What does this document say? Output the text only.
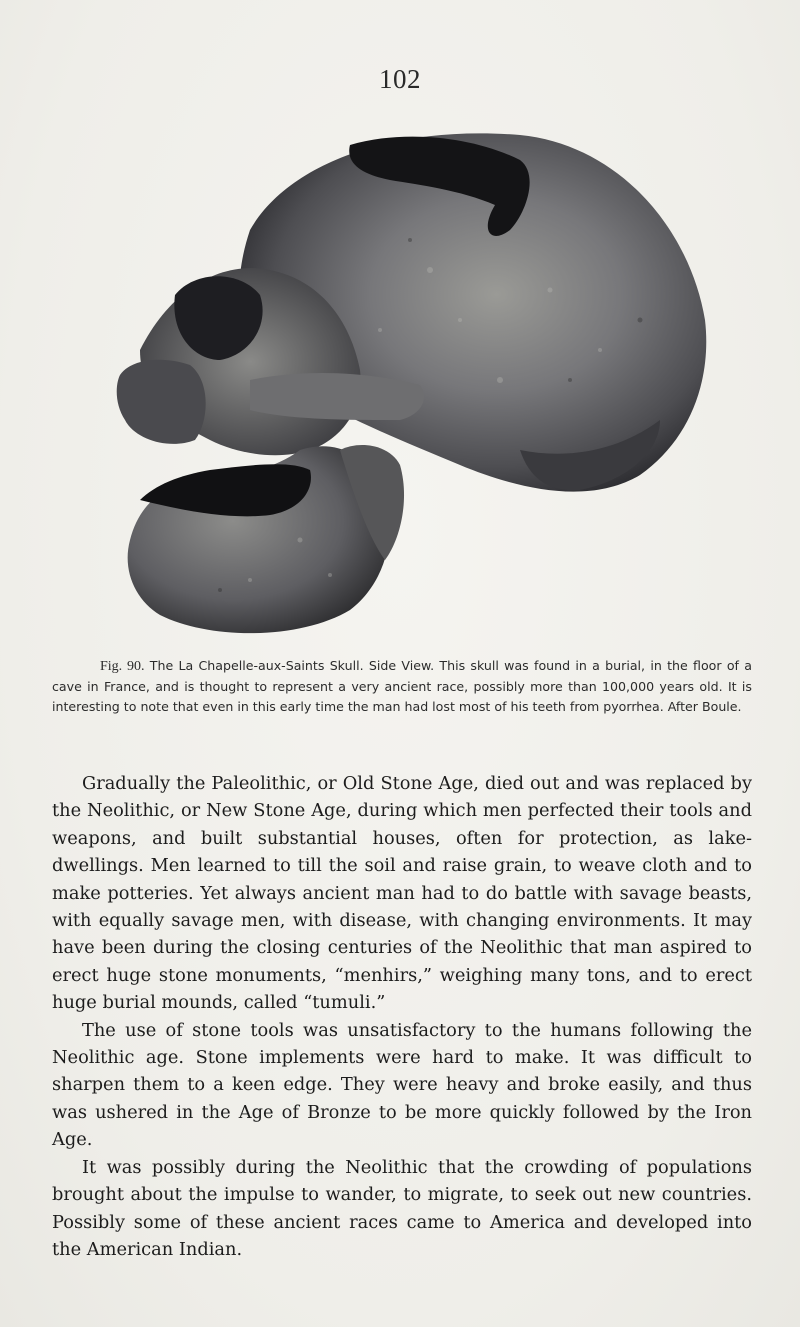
102

Fig. 90. The La Chapelle-aux-Saints Skull. Side View. This skull was found in a burial, in the floor of a cave in France, and is thought to represent a very ancient race, possibly more than 100,000 years old. It is interesting to note that even in this early time the man had lost most of his teeth from pyorrhea. After Boule.

Gradually the Paleolithic, or Old Stone Age, died out and was replaced by the Neolithic, or New Stone Age, during which men perfected their tools and weapons, and built substantial houses, often for protection, as lake-dwellings. Men learned to till the soil and raise grain, to weave cloth and to make potteries. Yet always ancient man had to do battle with savage beasts, with equally savage men, with disease, with changing environments. It may have been during the closing centuries of the Neolithic that man aspired to erect huge stone monuments, “menhirs,” weighing many tons, and to erect huge burial mounds, called “tumuli.”

The use of stone tools was unsatisfactory to the humans following the Neolithic age. Stone implements were hard to make. It was difficult to sharpen them to a keen edge. They were heavy and broke easily, and thus was ushered in the Age of Bronze to be more quickly followed by the Iron Age.

It was possibly during the Neolithic that the crowding of populations brought about the impulse to wander, to migrate, to seek out new countries. Possibly some of these ancient races came to America and developed into the American Indian.
